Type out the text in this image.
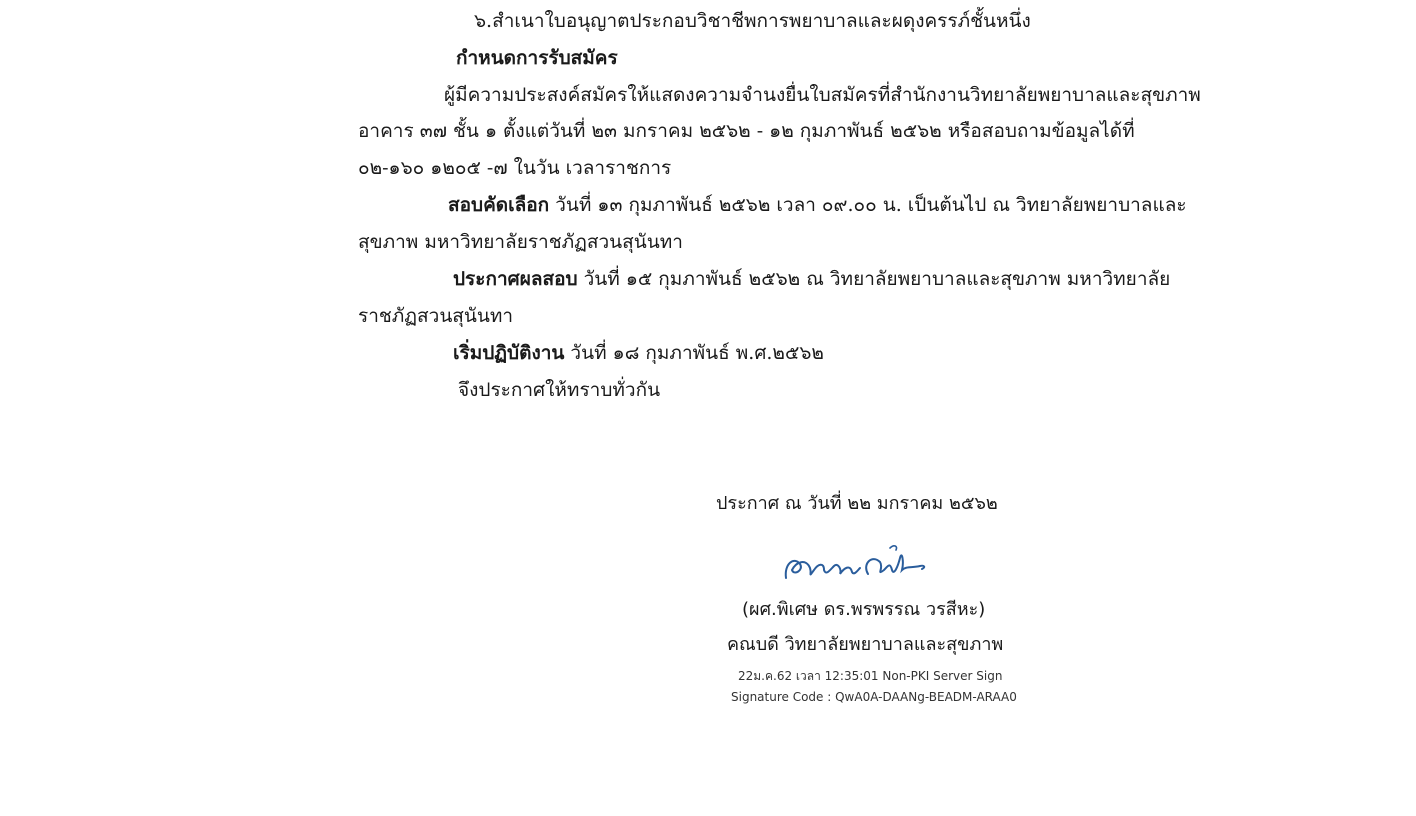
๖.สำเนาใบอนุญาตประกอบวิชาชีพการพยาบาลและผดุงครรภ์ชั้นหนึ่ง
กำหนดการรับสมัคร
ผู้มีความประสงค์สมัครให้แสดงความจำนงยื่นใบสมัครที่สำนักงานวิทยาลัยพยาบาลและสุขภาพ
อาคาร ๓๗ ชั้น ๑ ตั้งแต่วันที่ ๒๓ มกราคม ๒๕๖๒ - ๑๒ กุมภาพันธ์ ๒๕๖๒ หรือสอบถามข้อมูลได้ที่
๐๒-๑๖๐ ๑๒๐๕ -๗ ในวัน เวลาราชการ
สอบคัดเลือก วันที่ ๑๓ กุมภาพันธ์ ๒๕๖๒ เวลา ๐๙.๐๐ น. เป็นต้นไป ณ วิทยาลัยพยาบาลและ
สุขภาพ มหาวิทยาลัยราชภัฏสวนสุนันทา
ประกาศผลสอบ วันที่ ๑๕ กุมภาพันธ์ ๒๕๖๒ ณ วิทยาลัยพยาบาลและสุขภาพ มหาวิทยาลัย
ราชภัฏสวนสุนันทา
เริ่มปฏิบัติงาน วันที่ ๑๘ กุมภาพันธ์ พ.ศ.๒๕๖๒
จึงประกาศให้ทราบทั่วกัน
ประกาศ ณ วันที่ ๒๒ มกราคม ๒๕๖๒
(ผศ.พิเศษ ดร.พรพรรณ วรสีหะ)
คณบดี วิทยาลัยพยาบาลและสุขภาพ
22ม.ค.62 เวลา 12:35:01 Non-PKI Server Sign
Signature Code : QwA0A-DAANg-BEADM-ARAA0
